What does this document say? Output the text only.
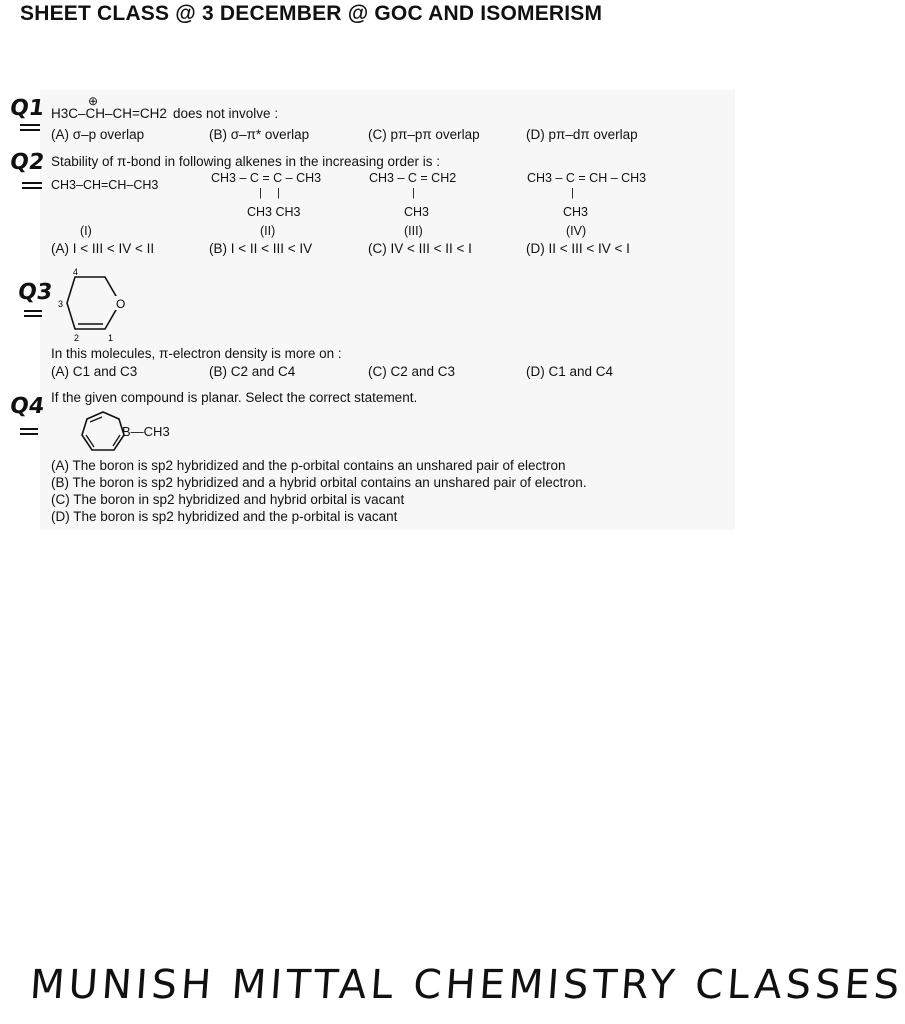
SHEET CLASS @ 3 DECEMBER @ GOC AND ISOMERISM
Q1	⊕
H3C–CH–CH=CH2 does not involve :
(A) σ–p overlap	(B) σ–π* overlap	(C) pπ–pπ overlap	(D) pπ–dπ overlap
Q2 Stability of π-bond in following alkenes in the increasing order is :
CH3–CH=CH–CH3	CH3 – C = C – CH3
|     |
CH3 CH3
CH3 – C = CH2
|
CH3
CH3 – C = CH – CH3
|
CH3
(I)	(II)	(III)	(IV)
(A) I < III < IV < II	(B) I < II < III < IV	(C) IV < III < II < I	(D) II < III < IV < I
Q3
4
3	O
2	1
In this molecules, π-electron density is more on :
(A) C1 and C3	(B) C2 and C4	(C) C2 and C3	(D) C1 and C4
Q4 If the given compound is planar. Select the correct statement.
B—CH3
(A) The boron is sp2 hybridized and the p-orbital contains an unshared pair of electron
(B) The boron is sp2 hybridized and a hybrid orbital contains an unshared pair of electron.
(C) The boron in sp2 hybridized and hybrid orbital is vacant
(D) The boron is sp2 hybridized and the p-orbital is vacant
MUNISH MITTAL CHEMISTRY CLASSES
